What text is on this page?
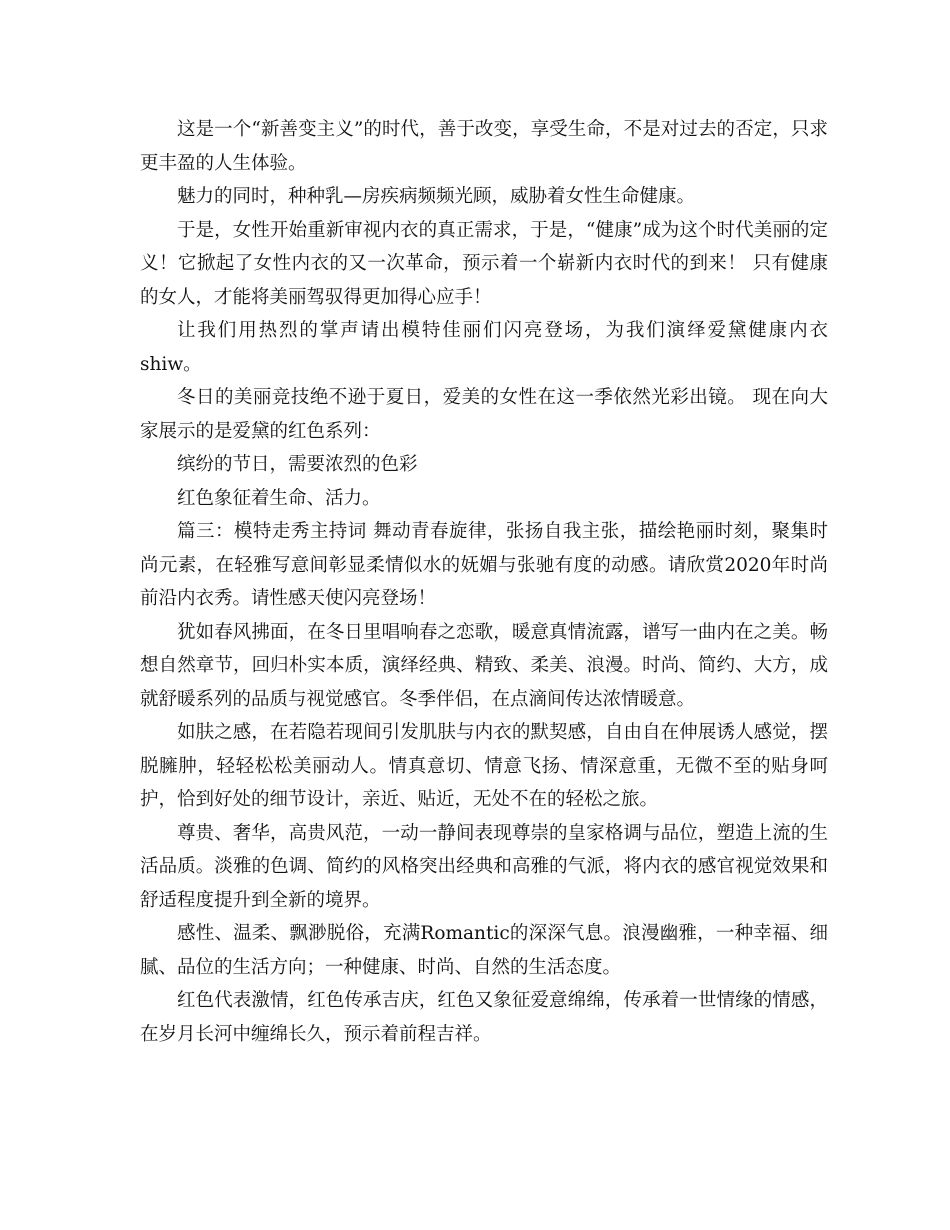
这是一个“新善变主义”的时代，善于改变，享受生命，不是对过去的否定，只求更丰盈的人生体验。

魅力的同时，种种乳—房疾病频频光顾，威胁着女性生命健康。

于是，女性开始重新审视内衣的真正需求，于是，“健康”成为这个时代美丽的定义！它掀起了女性内衣的又一次革命，预示着一个崭新内衣时代的到来！ 只有健康的女人，才能将美丽驾驭得更加得心应手！

让我们用热烈的掌声请出模特佳丽们闪亮登场，为我们演绎爱黛健康内衣shiw。

冬日的美丽竞技绝不逊于夏日，爱美的女性在这一季依然光彩出镜。 现在向大家展示的是爱黛的红色系列：

缤纷的节日，需要浓烈的色彩

红色象征着生命、活力。

篇三：模特走秀主持词 舞动青春旋律，张扬自我主张，描绘艳丽时刻，聚集时尚元素，在轻雅写意间彰显柔情似水的妩媚与张驰有度的动感。请欣赏2020年时尚前沿内衣秀。请性感天使闪亮登场！

犹如春风拂面，在冬日里唱响春之恋歌，暖意真情流露，谱写一曲内在之美。畅想自然章节，回归朴实本质，演绎经典、精致、柔美、浪漫。时尚、简约、大方，成就舒暖系列的品质与视觉感官。冬季伴侣，在点滴间传达浓情暖意。

如肤之感，在若隐若现间引发肌肤与内衣的默契感，自由自在伸展诱人感觉，摆脱臃肿，轻轻松松美丽动人。情真意切、情意飞扬、情深意重，无微不至的贴身呵护，恰到好处的细节设计，亲近、贴近，无处不在的轻松之旅。

尊贵、奢华，高贵风范，一动一静间表现尊崇的皇家格调与品位，塑造上流的生活品质。淡雅的色调、简约的风格突出经典和高雅的气派，将内衣的感官视觉效果和舒适程度提升到全新的境界。

感性、温柔、飘渺脱俗，充满Romantic的深深气息。浪漫幽雅，一种幸福、细腻、品位的生活方向；一种健康、时尚、自然的生活态度。

红色代表激情，红色传承吉庆，红色又象征爱意绵绵，传承着一世情缘的情感，在岁月长河中缠绵长久，预示着前程吉祥。
